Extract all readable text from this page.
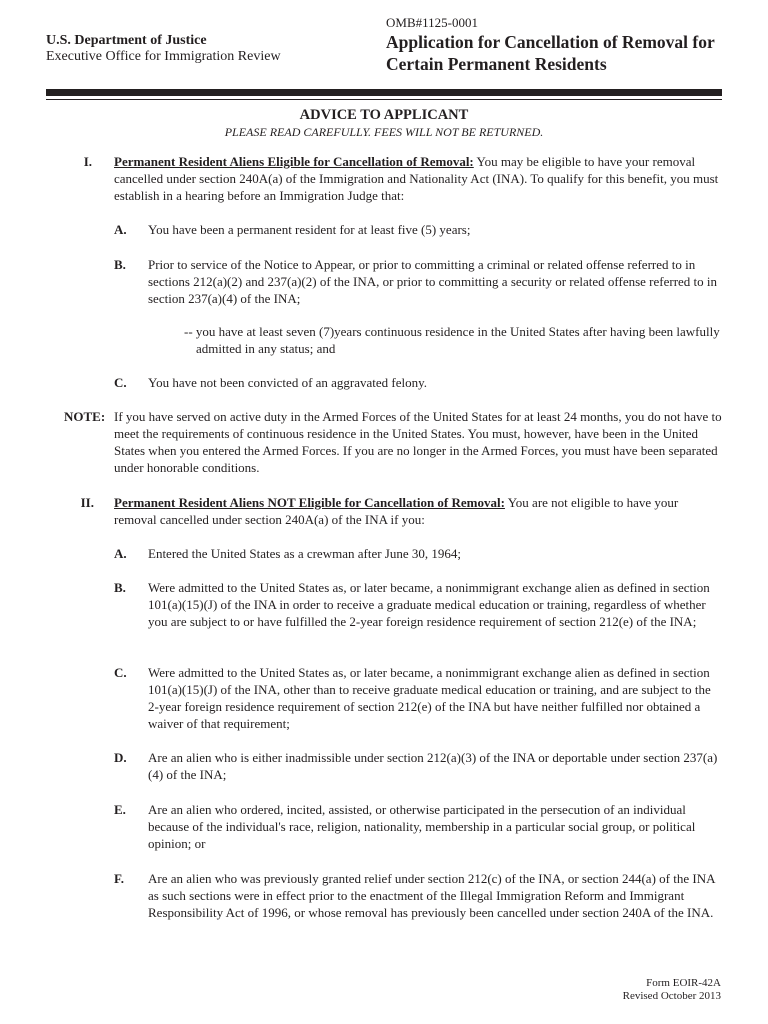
U.S. Department of Justice
Executive Office for Immigration Review
OMB#1125-0001
Application for Cancellation of Removal for Certain Permanent Residents
ADVICE TO APPLICANT
PLEASE READ CAREFULLY. FEES WILL NOT BE RETURNED.
I. Permanent Resident Aliens Eligible for Cancellation of Removal: You may be eligible to have your removal cancelled under section 240A(a) of the Immigration and Nationality Act (INA). To qualify for this benefit, you must establish in a hearing before an Immigration Judge that:
A. You have been a permanent resident for at least five (5) years;
B. Prior to service of the Notice to Appear, or prior to committing a criminal or related offense referred to in sections 212(a)(2) and 237(a)(2) of the INA, or prior to committing a security or related offense referred to in section 237(a)(4) of the INA;
-- you have at least seven (7)years continuous residence in the United States after having been lawfully admitted in any status; and
C. You have not been convicted of an aggravated felony.
NOTE: If you have served on active duty in the Armed Forces of the United States for at least 24 months, you do not have to meet the requirements of continuous residence in the United States. You must, however, have been in the United States when you entered the Armed Forces. If you are no longer in the Armed Forces, you must have been separated under honorable conditions.
II. Permanent Resident Aliens NOT Eligible for Cancellation of Removal: You are not eligible to have your removal cancelled under section 240A(a) of the INA if you:
A. Entered the United States as a crewman after June 30, 1964;
B. Were admitted to the United States as, or later became, a nonimmigrant exchange alien as defined in section 101(a)(15)(J) of the INA in order to receive a graduate medical education or training, regardless of whether you are subject to or have fulfilled the 2-year foreign residence requirement of section 212(e) of the INA;
C. Were admitted to the United States as, or later became, a nonimmigrant exchange alien as defined in section 101(a)(15)(J) of the INA, other than to receive graduate medical education or training, and are subject to the 2-year foreign residence requirement of section 212(e) of the INA but have neither fulfilled nor obtained a waiver of that requirement;
D. Are an alien who is either inadmissible under section 212(a)(3) of the INA or deportable under section 237(a)(4) of the INA;
E. Are an alien who ordered, incited, assisted, or otherwise participated in the persecution of an individual because of the individual's race, religion, nationality, membership in a particular social group, or political opinion; or
F. Are an alien who was previously granted relief under section 212(c) of the INA, or section 244(a) of the INA as such sections were in effect prior to the enactment of the Illegal Immigration Reform and Immigrant Responsibility Act of 1996, or whose removal has previously been cancelled under section 240A of the INA.
Form EOIR-42A
Revised October 2013
